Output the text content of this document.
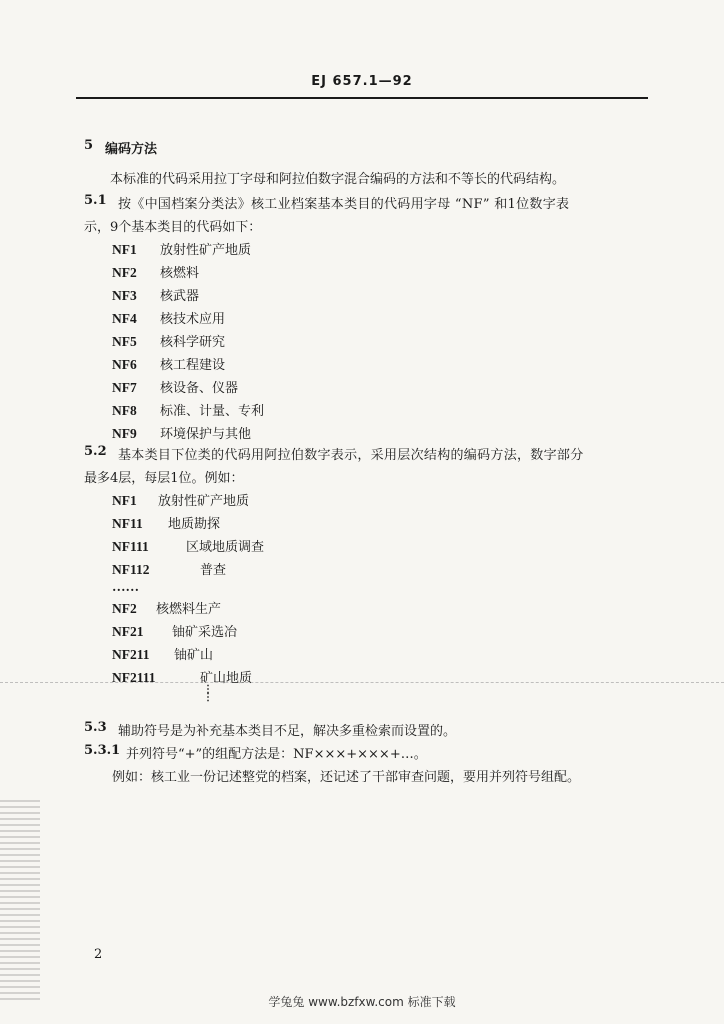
EJ 657.1—92
5 编码方法
本标准的代码采用拉丁字母和阿拉伯数字混合编码的方法和不等长的代码结构。
5.1 按《中国档案分类法》核工业档案基本类目的代码用字母 “NF” 和1位数字表
示，9个基本类目的代码如下：
NF1 放射性矿产地质
NF2 核燃料
NF3 核武器
NF4 核技术应用
NF5 核科学研究
NF6 核工程建设
NF7 核设备、仪器
NF8 标准、计量、专利
NF9 环境保护与其他
5.2 基本类目下位类的代码用阿拉伯数字表示，采用层次结构的编码方法，数字部分
最多4层，每层1位。例如：
NF1 放射性矿产地质
NF11 地质勘探
NF111	区域地质调查
NF112	普查
……
NF2 核燃料生产
NF21 铀矿采选冶
NF211 铀矿山
NF2111	矿山地质
⋮
⋮
5.3 辅助符号是为补充基本类目不足，解决多重检索而设置的。
5.3.1 并列符号“+”的组配方法是：NF×××+×××+…。
例如：核工业一份记述整党的档案，还记述了干部审查问题，要用并列符号组配。
2
学兔兔 www.bzfxw.com 标准下载
